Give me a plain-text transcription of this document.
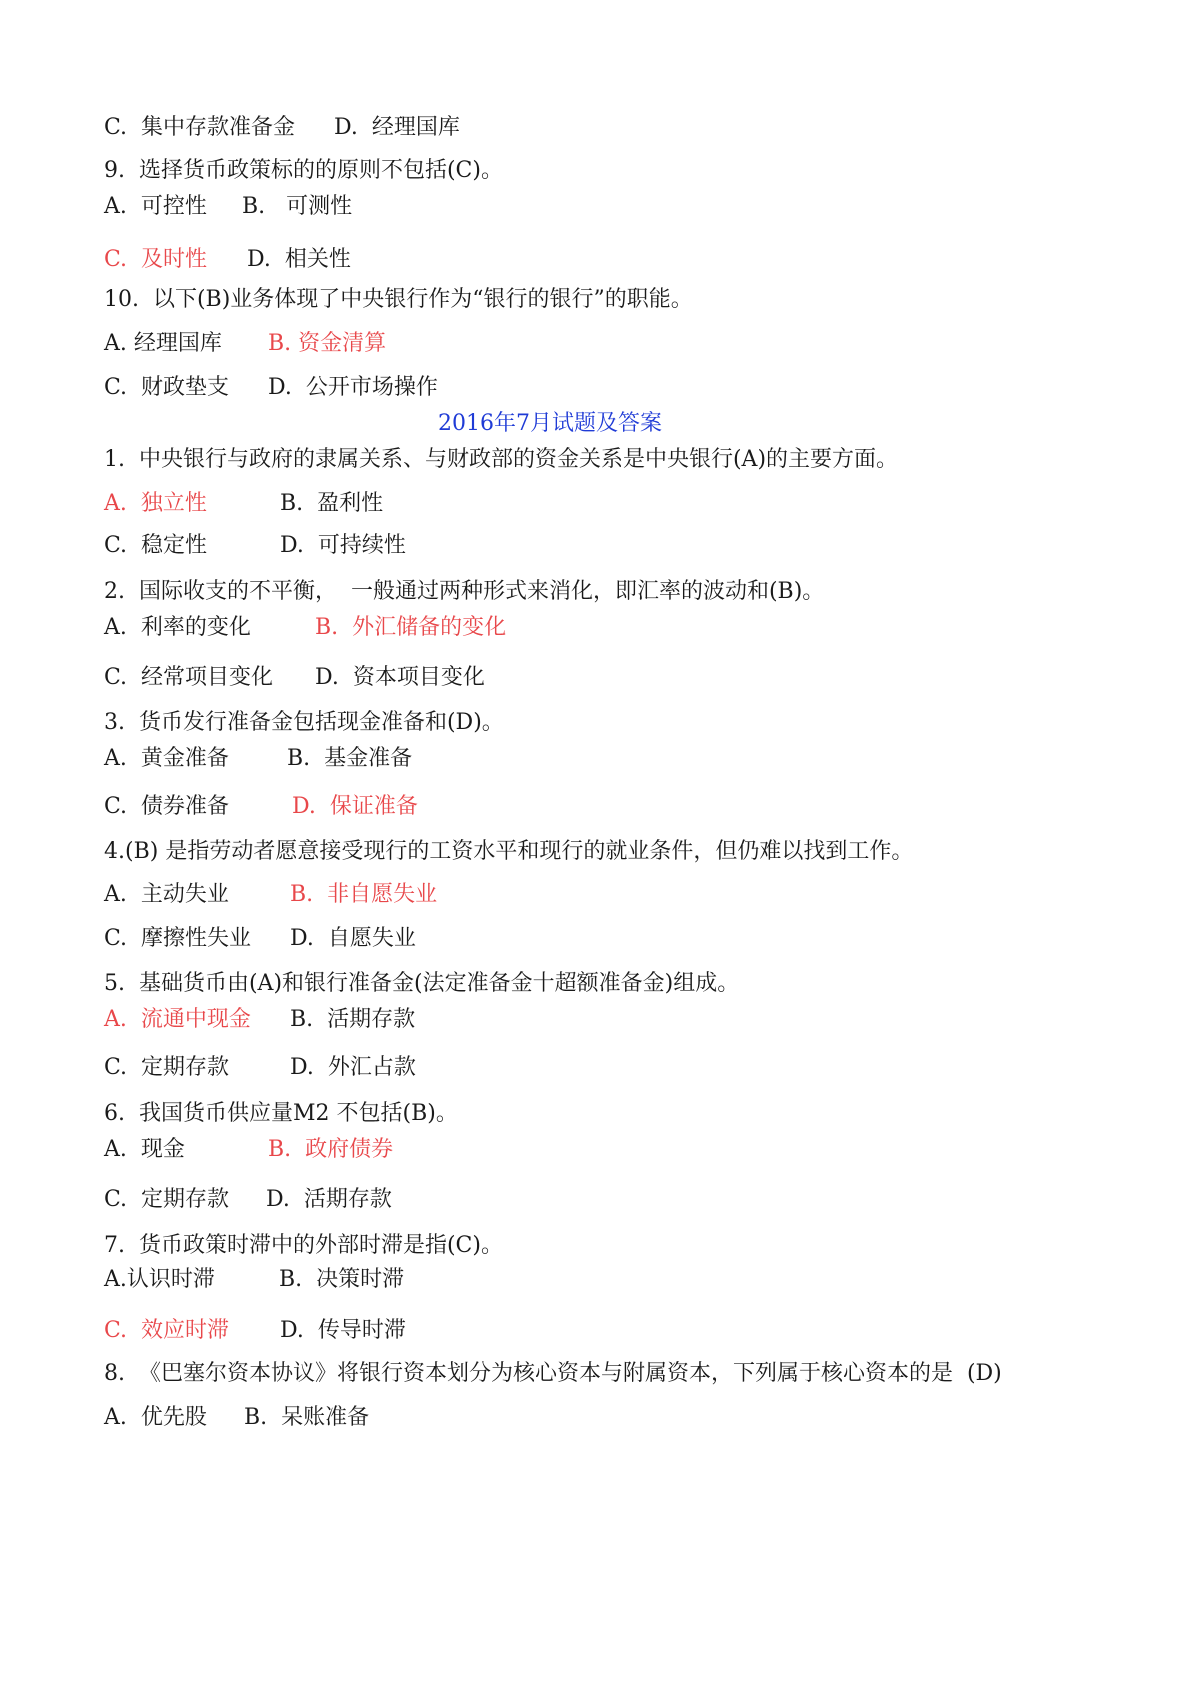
C.  集中存款准备金 D.  经理国库
9.  选择货币政策标的的原则不包括(C)。
A.  可控性 B.   可测性
C.  及时性 D.  相关性
10.  以下(B)业务体现了中央银行作为“银行的银行”的职能。
A. 经理国库 B. 资金清算
C.  财政垫支 D.  公开市场操作
2016年7月试题及答案
1.  中央银行与政府的隶属关系、与财政部的资金关系是中央银行(A)的主要方面。
A.  独立性	B.  盈利性
C.  稳定性	D.  可持续性
2.  国际收支的不平衡，  一般通过两种形式来消化，即汇率的波动和(B)。
A.  利率的变化	B.  外汇储备的变化
C.  经常项目变化 D.  资本项目变化
3.  货币发行准备金包括现金准备和(D)。
A.  黄金准备	B.  基金准备
C.  债券准备	D.  保证准备
4.(B) 是指劳动者愿意接受现行的工资水平和现行的就业条件，但仍难以找到工作。
A.  主动失业	B.  非自愿失业
C.  摩擦性失业 D.  自愿失业
5.  基础货币由(A)和银行准备金(法定准备金十超额准备金)组成。
A.  流通中现金 B.  活期存款
C.  定期存款	D.  外汇占款
6.  我国货币供应量M2 不包括(B)。
A.  现金	B.  政府债券
C.  定期存款 D.  活期存款
7.  货币政策时滞中的外部时滞是指(C)。
A.认识时滞	B.  决策时滞
C.  效应时滞 D.  传导时滞
8.  《巴塞尔资本协议》将银行资本划分为核心资本与附属资本，下列属于核心资本的是  (D)
A.  优先股 B.  呆账准备
